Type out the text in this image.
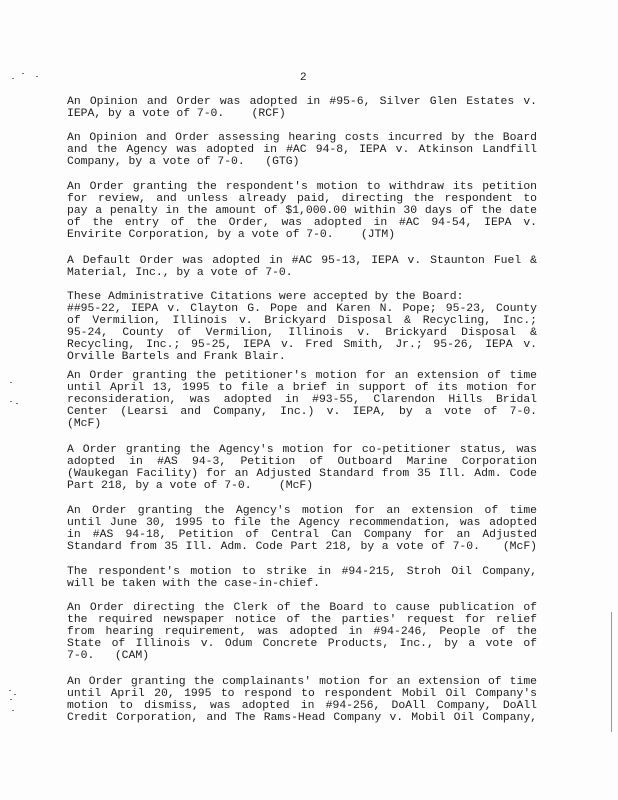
2
An Opinion and Order was adopted in #95-6, Silver Glen Estates v.
IEPA, by a vote of 7-0.    (RCF)
An Opinion and Order assessing hearing costs incurred by the Board
and the Agency was adopted in #AC 94-8, IEPA v. Atkinson Landfill
Company, by a vote of 7-0.   (GTG)
An Order granting the respondent's motion to withdraw its petition
for review, and unless already paid, directing the respondent to
pay a penalty in the amount of $1,000.00 within 30 days of the date
of the entry of the Order, was adopted in #AC 94-54, IEPA v.
Envirite Corporation, by a vote of 7-0.    (JTM)
A Default Order was adopted in #AC 95-13, IEPA v. Staunton Fuel &
Material, Inc., by a vote of 7-0.
These Administrative Citations were accepted by the Board:
##95-22, IEPA v. Clayton G. Pope and Karen N. Pope; 95-23, County
of Vermilion, Illinois v. Brickyard Disposal & Recycling, Inc.;
95-24, County of Vermilion, Illinois v. Brickyard Disposal &
Recycling, Inc.; 95-25, IEPA v. Fred Smith, Jr.; 95-26, IEPA v.
Orville Bartels and Frank Blair.
An Order granting the petitioner's motion for an extension of time
until April 13, 1995 to file a brief in support of its motion for
reconsideration, was adopted in #93-55, Clarendon Hills Bridal
Center (Learsi and Company, Inc.) v. IEPA, by a vote of 7-0.
(McF)
A Order granting the Agency's motion for co-petitioner status, was
adopted in #AS 94-3, Petition of Outboard Marine Corporation
(Waukegan Facility) for an Adjusted Standard from 35 Ill. Adm. Code
Part 218, by a vote of 7-0.    (McF)
An Order granting the Agency's motion for an extension of time
until June 30, 1995 to file the Agency recommendation, was adopted
in #AS 94-18, Petition of Central Can Company for an Adjusted
Standard from 35 Ill. Adm. Code Part 218, by a vote of 7-0.   (McF)
The respondent's motion to strike in #94-215, Stroh Oil Company,
will be taken with the case-in-chief.
An Order directing the Clerk of the Board to cause publication of
the required newspaper notice of the parties' request for relief
from hearing requirement, was adopted in #94-246, People of the
State of Illinois v. Odum Concrete Products, Inc., by a vote of
7-0.   (CAM)
An Order granting the complainants' motion for an extension of time
until April 20, 1995 to respond to respondent Mobil Oil Company's
motion to dismiss, was adopted in #94-256, DoAll Company, DoAll
Credit Corporation, and The Rams-Head Company v. Mobil Oil Company,
